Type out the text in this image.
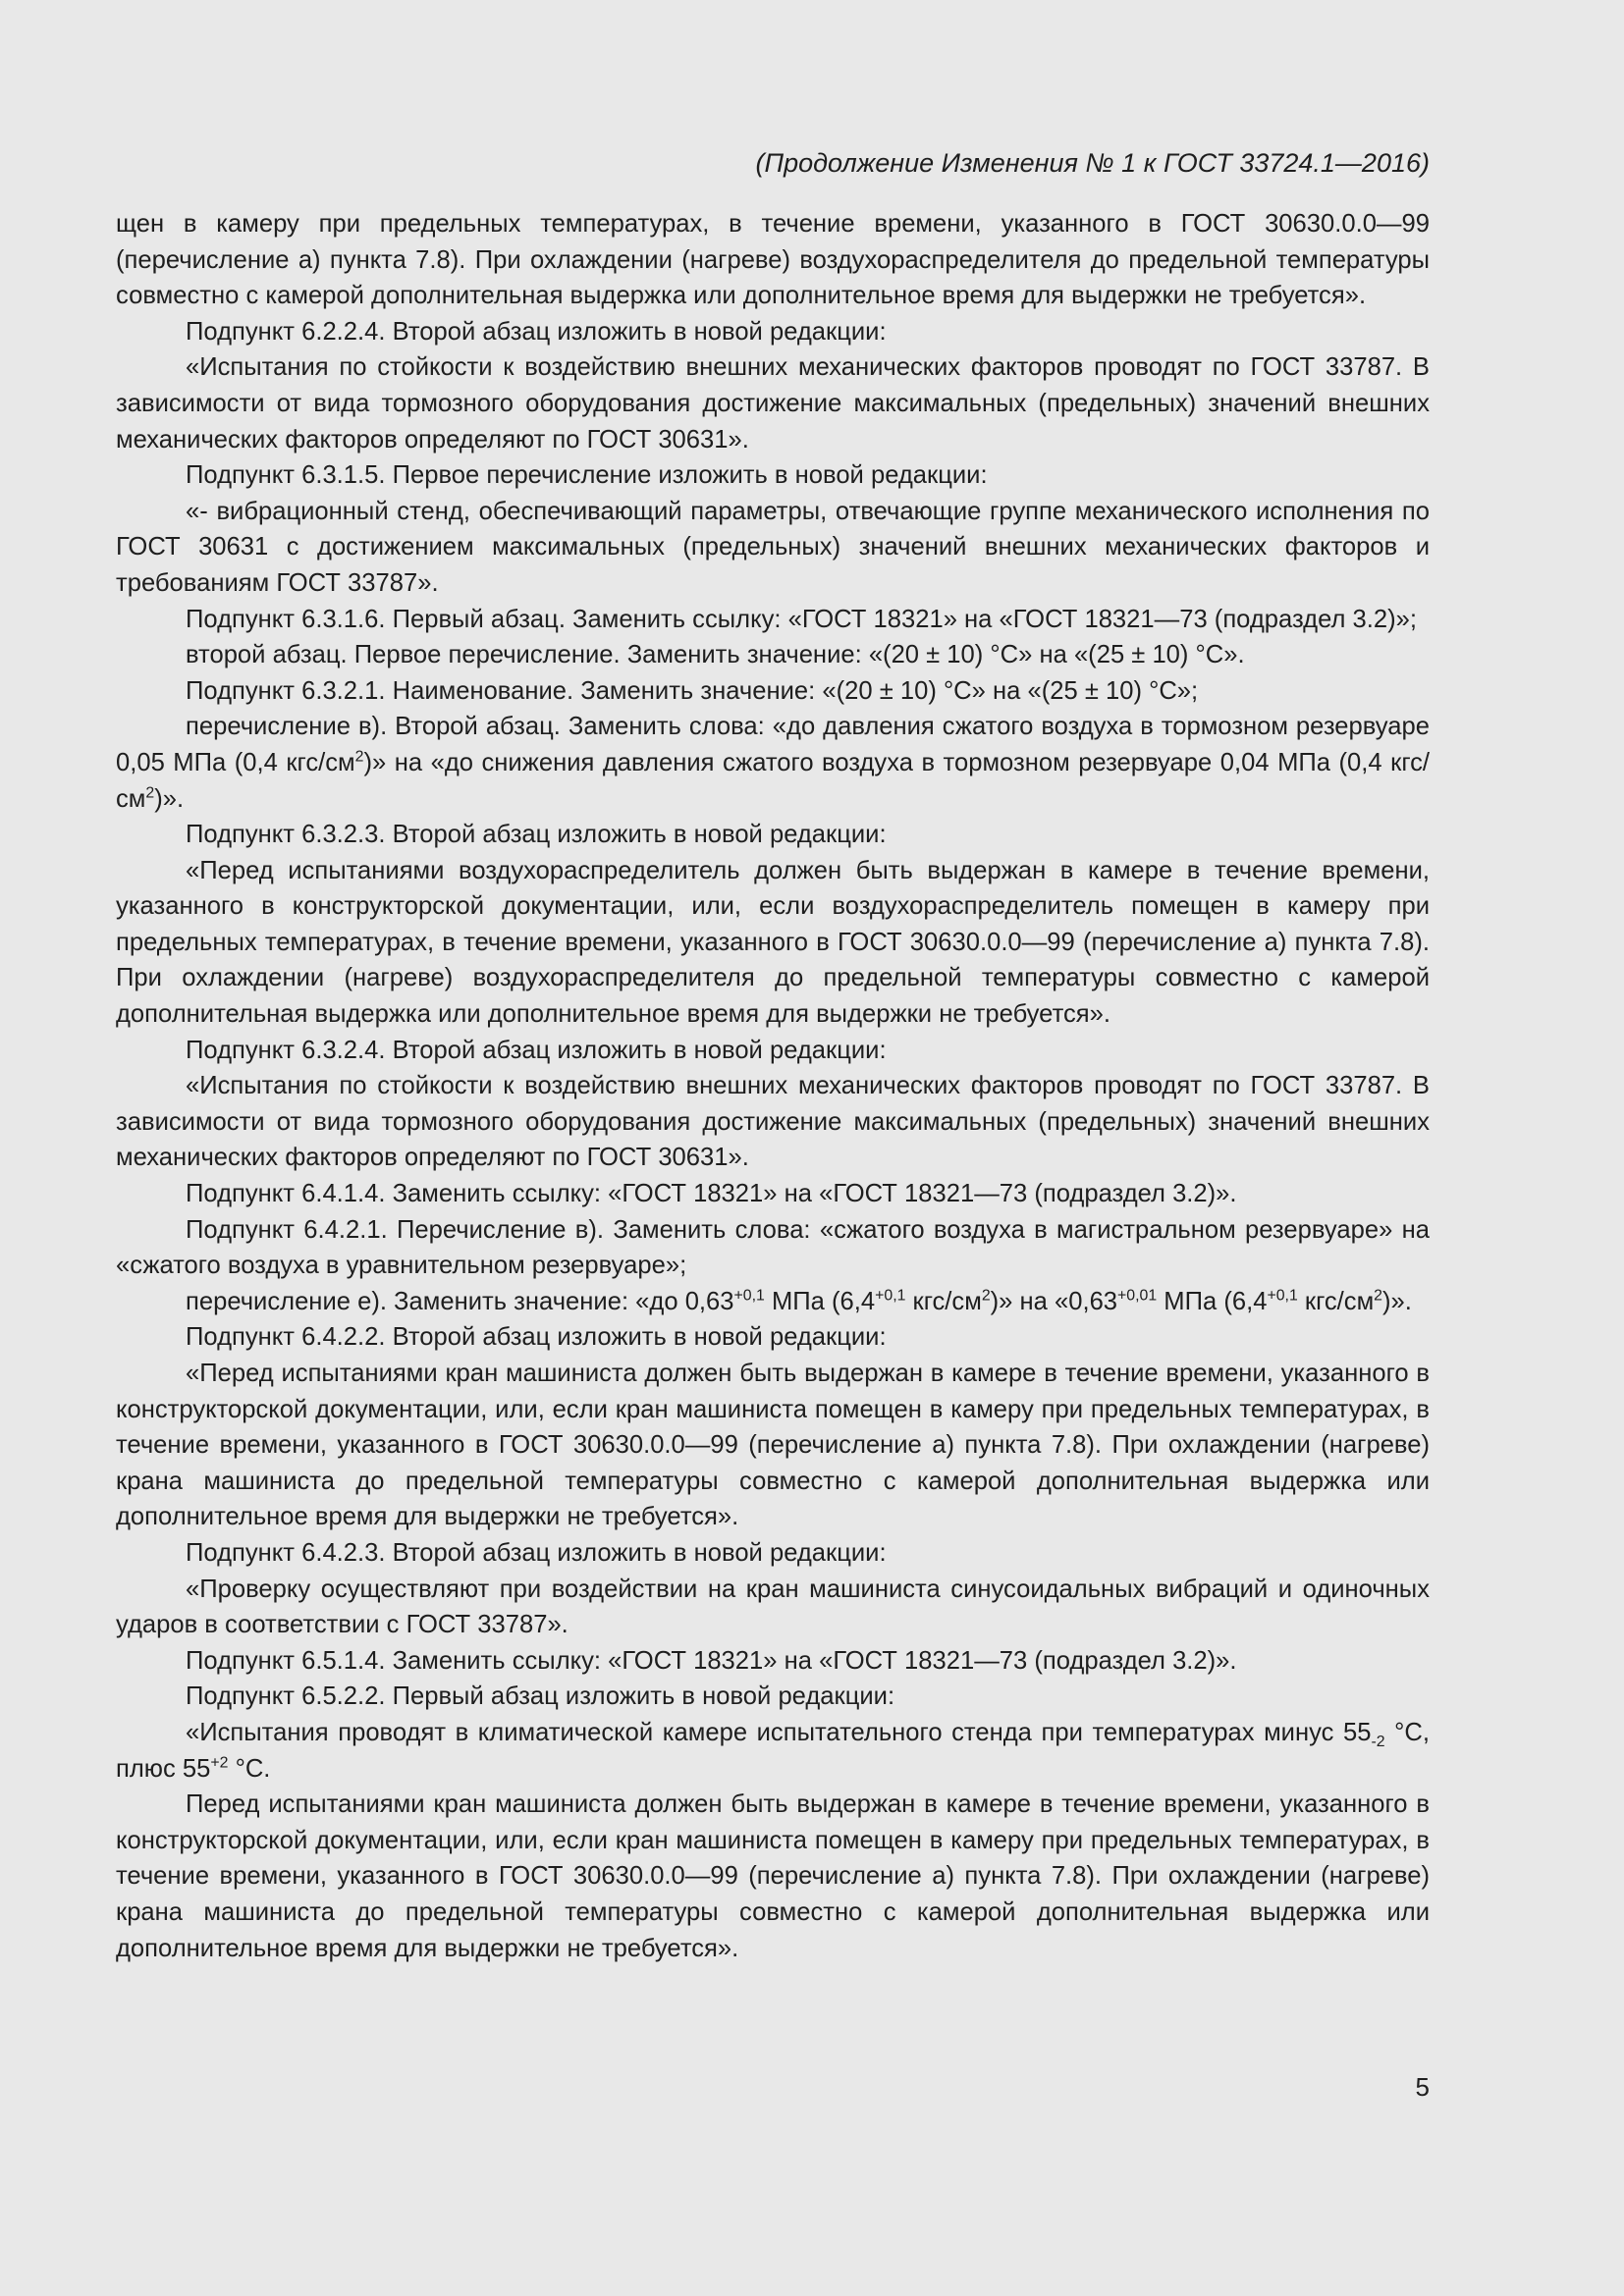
(Продолжение Изменения № 1 к ГОСТ 33724.1—2016)

щен в камеру при предельных температурах, в течение времени, указанного в ГОСТ 30630.0.0—99 (перечисление а) пункта 7.8). При охлаждении (нагреве) воздухораспределителя до предельной температуры совместно с камерой дополнительная выдержка или дополнительное время для выдержки не требуется».

Подпункт 6.2.2.4. Второй абзац изложить в новой редакции:

«Испытания по стойкости к воздействию внешних механических факторов проводят по ГОСТ 33787. В зависимости от вида тормозного оборудования достижение максимальных (предельных) значений внешних механических факторов определяют по ГОСТ 30631».

Подпункт 6.3.1.5. Первое перечисление изложить в новой редакции:

«- вибрационный стенд, обеспечивающий параметры, отвечающие группе механического исполнения по ГОСТ 30631 с достижением максимальных (предельных) значений внешних механических факторов и требованиям ГОСТ 33787».

Подпункт 6.3.1.6. Первый абзац. Заменить ссылку: «ГОСТ 18321» на «ГОСТ 18321—73 (подраздел 3.2)»;

второй абзац. Первое перечисление. Заменить значение: «(20 ± 10) °С» на «(25 ± 10) °С».

Подпункт 6.3.2.1. Наименование. Заменить значение: «(20 ± 10) °С» на «(25 ± 10) °С»;

перечисление в). Второй абзац. Заменить слова: «до давления сжатого воздуха в тормозном резервуаре 0,05 МПа (0,4 кгс/$см^2$)» на «до снижения давления сжатого воздуха в тормозном резервуаре 0,04 МПа (0,4 кгс/$см^2$)».

Подпункт 6.3.2.3. Второй абзац изложить в новой редакции:

«Перед испытаниями воздухораспределитель должен быть выдержан в камере в течение времени, указанного в конструкторской документации, или, если воздухораспределитель помещен в камеру при предельных температурах, в течение времени, указанного в ГОСТ 30630.0.0—99 (перечисление а) пункта 7.8). При охлаждении (нагреве) воздухораспределителя до предельной температуры совместно с камерой дополнительная выдержка или дополнительное время для выдержки не требуется».

Подпункт 6.3.2.4. Второй абзац изложить в новой редакции:

«Испытания по стойкости к воздействию внешних механических факторов проводят по ГОСТ 33787. В зависимости от вида тормозного оборудования достижение максимальных (предельных) значений внешних механических факторов определяют по ГОСТ 30631».

Подпункт 6.4.1.4. Заменить ссылку: «ГОСТ 18321» на «ГОСТ 18321—73 (подраздел 3.2)».

Подпункт 6.4.2.1. Перечисление в). Заменить слова: «сжатого воздуха в магистральном резервуаре» на «сжатого воздуха в уравнительном резервуаре»;

перечисление е). Заменить значение: «до $0,63^{+0,1}$ МПа ($6,4^{+0,1}$ кгс/$см^2$)» на «$0,63^{+0,01}$ МПа ($6,4^{+0,1}$ кгс/$см^2$)».

Подпункт 6.4.2.2. Второй абзац изложить в новой редакции:

«Перед испытаниями кран машиниста должен быть выдержан в камере в течение времени, указанного в конструкторской документации, или, если кран машиниста помещен в камеру при предельных температурах, в течение времени, указанного в ГОСТ 30630.0.0—99 (перечисление а) пункта 7.8). При охлаждении (нагреве) крана машиниста до предельной температуры совместно с камерой дополнительная выдержка или дополнительное время для выдержки не требуется».

Подпункт 6.4.2.3. Второй абзац изложить в новой редакции:

«Проверку осуществляют при воздействии на кран машиниста синусоидальных вибраций и одиночных ударов в соответствии с ГОСТ 33787».

Подпункт 6.5.1.4. Заменить ссылку: «ГОСТ 18321» на «ГОСТ 18321—73 (подраздел 3.2)».

Подпункт 6.5.2.2. Первый абзац изложить в новой редакции:

«Испытания проводят в климатической камере испытательного стенда при температурах минус $55_{-2}$ °С, плюс $55^{+2}$ °С.

Перед испытаниями кран машиниста должен быть выдержан в камере в течение времени, указанного в конструкторской документации, или, если кран машиниста помещен в камеру при предельных температурах, в течение времени, указанного в ГОСТ 30630.0.0—99 (перечисление а) пункта 7.8). При охлаждении (нагреве) крана машиниста до предельной температуры совместно с камерой дополнительная выдержка или дополнительное время для выдержки не требуется».

5
